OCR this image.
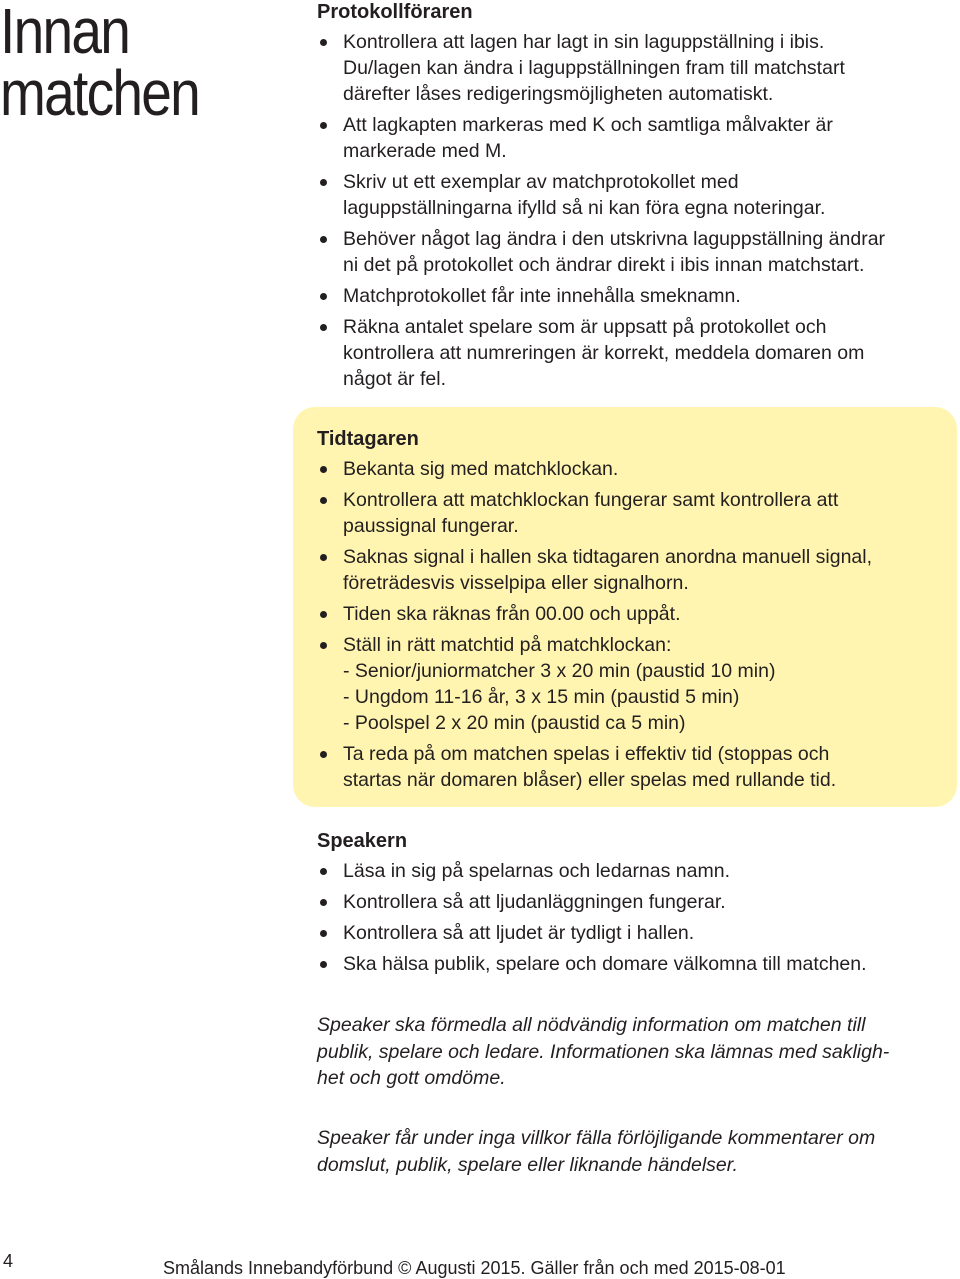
Innan
matchen
Protokollföraren
Kontrollera att lagen har lagt in sin laguppställning i ibis.
Du/lagen kan ändra i laguppställningen fram till matchstart
därefter låses redigeringsmöjligheten automatiskt.
Att lagkapten markeras med K och samtliga målvakter är
markerade med M.
Skriv ut ett exemplar av matchprotokollet med
laguppställningarna ifylld så ni kan föra egna noteringar.
Behöver något lag ändra i den utskrivna laguppställning ändrar
ni det på protokollet och ändrar direkt i ibis innan matchstart.
Matchprotokollet får inte innehålla smeknamn.
Räkna antalet spelare som är uppsatt på protokollet och
kontrollera att numreringen är korrekt, meddela domaren om
något är fel.
Tidtagaren
Bekanta sig med matchklockan.
Kontrollera att matchklockan fungerar samt kontrollera att
paussignal fungerar.
Saknas signal i hallen ska tidtagaren anordna manuell signal,
företrädesvis visselpipa eller signalhorn.
Tiden ska räknas från 00.00 och uppåt.
Ställ in rätt matchtid på matchklockan:
- Senior/juniormatcher 3 x 20 min (paustid 10 min)
- Ungdom 11-16 år, 3 x 15 min (paustid 5 min)
- Poolspel 2 x 20 min (paustid ca 5 min)
Ta reda på om matchen spelas i effektiv tid (stoppas och
startas när domaren blåser) eller spelas med rullande tid.
Speakern
Läsa in sig på spelarnas och ledarnas namn.
Kontrollera så att ljudanläggningen fungerar.
Kontrollera så att ljudet är tydligt i hallen.
Ska hälsa publik, spelare och domare välkomna till matchen.

Speaker ska förmedla all nödvändig information om matchen till
publik, spelare och ledare. Informationen ska lämnas med sakligh-
het och gott omdöme.

Speaker får under inga villkor fälla förlöjligande kommentarer om
domslut, publik, spelare eller liknande händelser.

4	Smålands Innebandyförbund © Augusti 2015. Gäller från och med 2015-08-01
